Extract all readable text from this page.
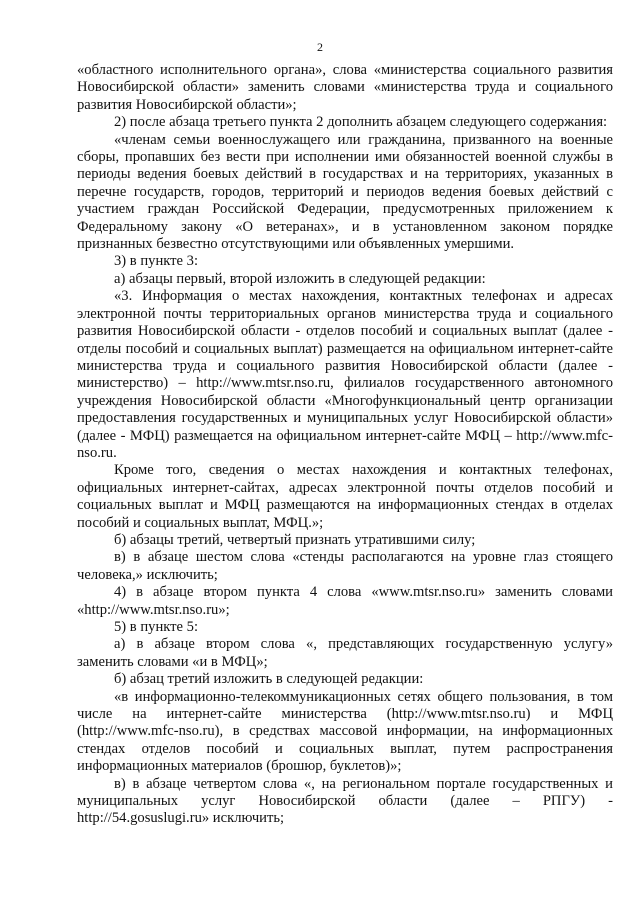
2

«областного исполнительного органа», слова «министерства социального развития Новосибирской области» заменить словами «министерства труда и социального развития Новосибирской области»;

2) после абзаца третьего пункта 2 дополнить абзацем следующего содержания:

«членам семьи военнослужащего или гражданина, призванного на военные сборы, пропавших без вести при исполнении ими обязанностей военной службы в периоды ведения боевых действий в государствах и на территориях, указанных в перечне государств, городов, территорий и периодов ведения боевых действий с участием граждан Российской Федерации, предусмотренных приложением к Федеральному закону «О ветеранах», и в установленном законом порядке признанных безвестно отсутствующими или объявленных умершими.

3) в пункте 3:

а) абзацы первый, второй изложить в следующей редакции:

«3. Информация о местах нахождения, контактных телефонах и адресах электронной почты территориальных органов министерства труда и социального развития Новосибирской области - отделов пособий и социальных выплат (далее - отделы пособий и социальных выплат) размещается на официальном интернет-сайте министерства труда и социального развития Новосибирской области (далее - министерство) – http://www.mtsr.nso.ru, филиалов государственного автономного учреждения Новосибирской области «Многофункциональный центр организации предоставления государственных и муниципальных услуг Новосибирской области» (далее - МФЦ) размещается на официальном интернет-сайте МФЦ – http://www.mfc-nso.ru.

Кроме того, сведения о местах нахождения и контактных телефонах, официальных интернет-сайтах, адресах электронной почты отделов пособий и социальных выплат и МФЦ размещаются на информационных стендах в отделах пособий и социальных выплат, МФЦ.»;

б) абзацы третий, четвертый признать утратившими силу;

в) в абзаце шестом слова «стенды располагаются на уровне глаз стоящего человека,» исключить;

4) в абзаце втором пункта 4 слова «www.mtsr.nso.ru» заменить словами «http://www.mtsr.nso.ru»;

5) в пункте 5:

а) в абзаце втором слова «, представляющих государственную услугу» заменить словами «и в МФЦ»;

б) абзац третий изложить в следующей редакции:

«в информационно-телекоммуникационных сетях общего пользования, в том числе на интернет-сайте министерства (http://www.mtsr.nso.ru) и МФЦ (http://www.mfc-nso.ru), в средствах массовой информации, на информационных стендах отделов пособий и социальных выплат, путем распространения информационных материалов (брошюр, буклетов)»;

в) в абзаце четвертом слова «, на региональном портале государственных и муниципальных услуг Новосибирской области (далее – РПГУ) - http://54.gosuslugi.ru» исключить;
